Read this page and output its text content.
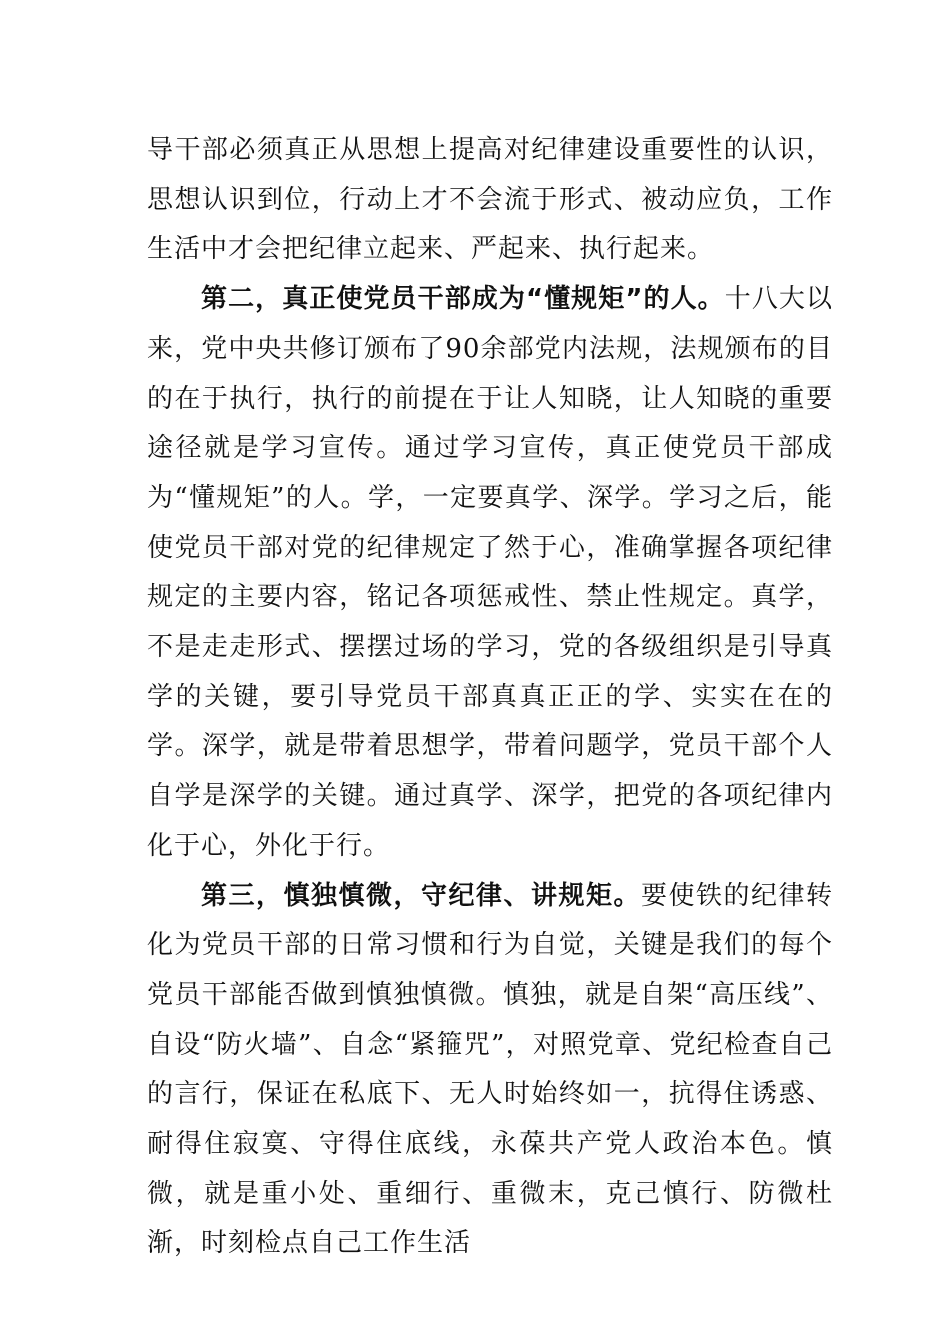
导干部必须真正从思想上提高对纪律建设重要性的认识，思想认识到位，行动上才不会流于形式、被动应负，工作生活中才会把纪律立起来、严起来、执行起来。

第二，真正使党员干部成为“懂规矩”的人。十八大以来，党中央共修订颁布了90余部党内法规，法规颁布的目的在于执行，执行的前提在于让人知晓，让人知晓的重要途径就是学习宣传。通过学习宣传，真正使党员干部成为“懂规矩”的人。学，一定要真学、深学。学习之后，能使党员干部对党的纪律规定了然于心，准确掌握各项纪律规定的主要内容，铭记各项惩戒性、禁止性规定。真学，不是走走形式、摆摆过场的学习，党的各级组织是引导真学的关键，要引导党员干部真真正正的学、实实在在的学。深学，就是带着思想学，带着问题学，党员干部个人自学是深学的关键。通过真学、深学，把党的各项纪律内化于心，外化于行。

第三，慎独慎微，守纪律、讲规矩。要使铁的纪律转化为党员干部的日常习惯和行为自觉，关键是我们的每个党员干部能否做到慎独慎微。慎独，就是自架“高压线”、自设“防火墙”、自念“紧箍咒”，对照党章、党纪检查自己的言行，保证在私底下、无人时始终如一，抗得住诱惑、耐得住寂寞、守得住底线，永葆共产党人政治本色。慎微，就是重小处、重细行、重微末，克己慎行、防微杜渐，时刻检点自己工作生活
